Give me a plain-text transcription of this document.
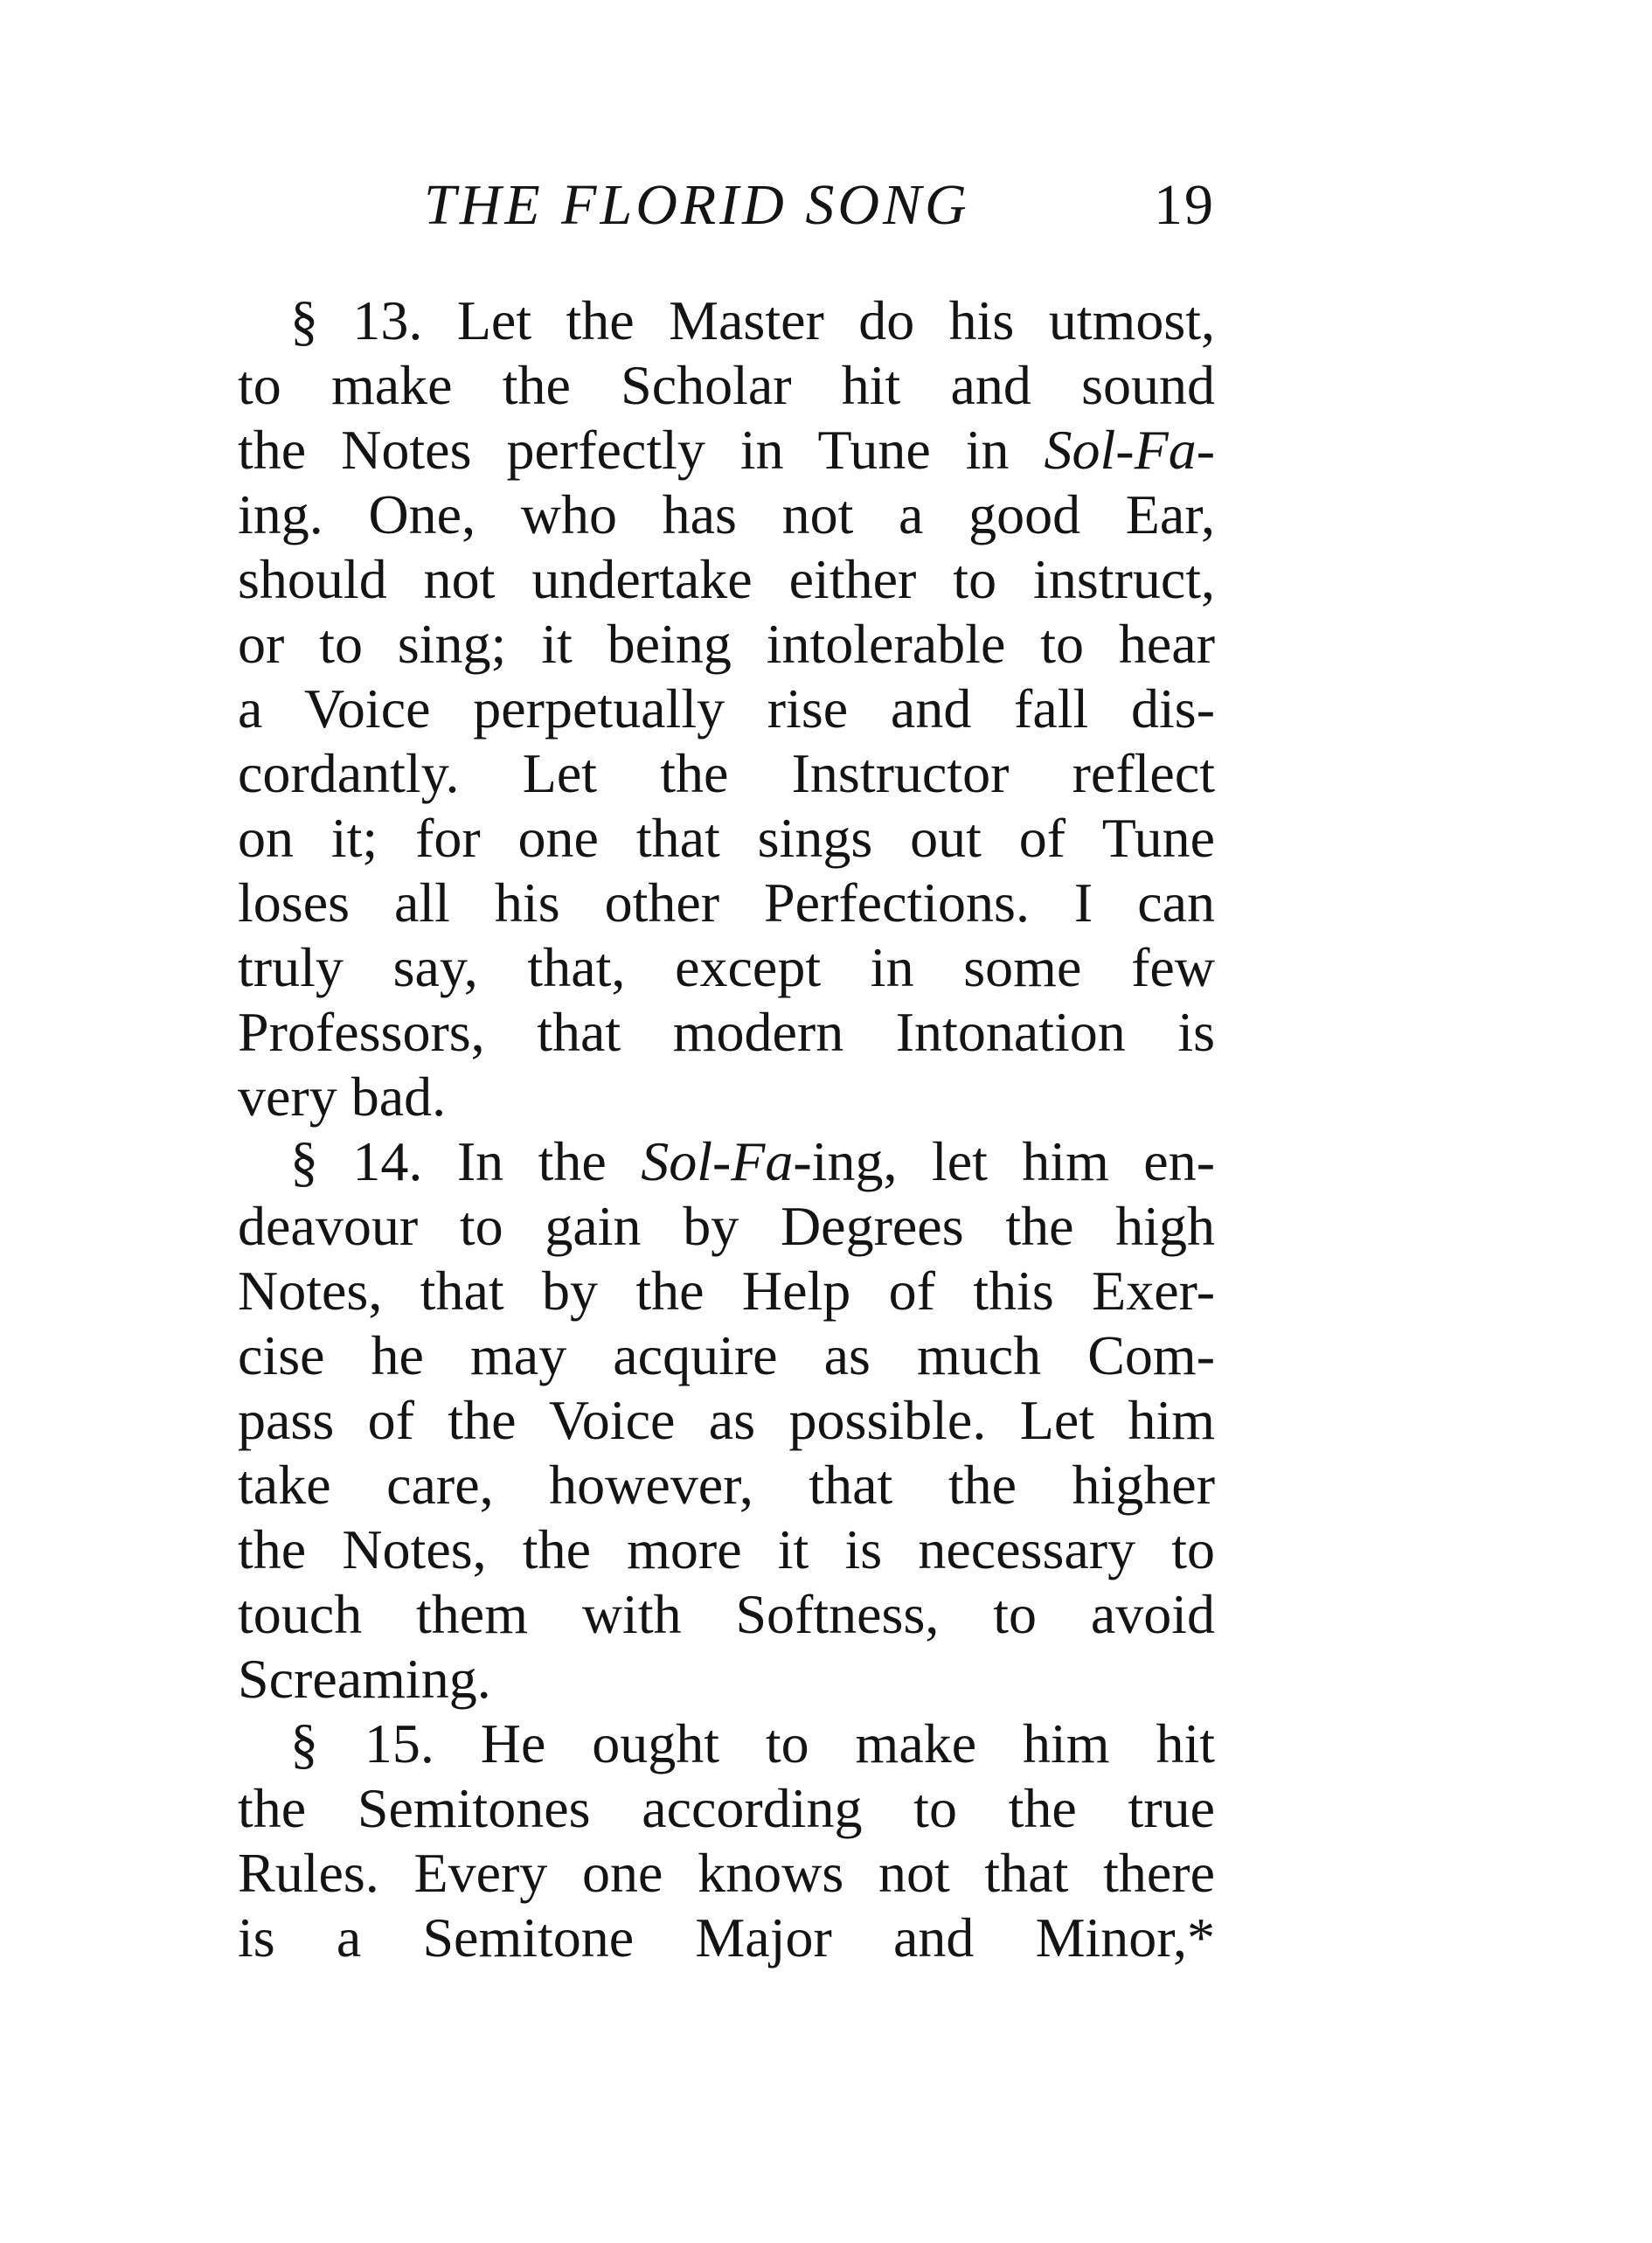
THE FLORID SONG	19
§ 13. Let the Master do his utmost,
to make the Scholar hit and sound
the Notes perfectly in Tune in Sol-Fa-
ing. One, who has not a good Ear,
should not undertake either to instruct,
or to sing; it being intolerable to hear
a Voice perpetually rise and fall dis-
cordantly. Let the Instructor reflect
on it; for one that sings out of Tune
loses all his other Perfections. I can
truly say, that, except in some few
Professors, that modern Intonation is
very bad.
§ 14. In the Sol-Fa-ing, let him en-
deavour to gain by Degrees the high
Notes, that by the Help of this Exer-
cise he may acquire as much Com-
pass of the Voice as possible. Let him
take care, however, that the higher
the Notes, the more it is necessary to
touch them with Softness, to avoid
Screaming.
§ 15. He ought to make him hit
the Semitones according to the true
Rules. Every one knows not that there
is a Semitone Major and Minor,*
